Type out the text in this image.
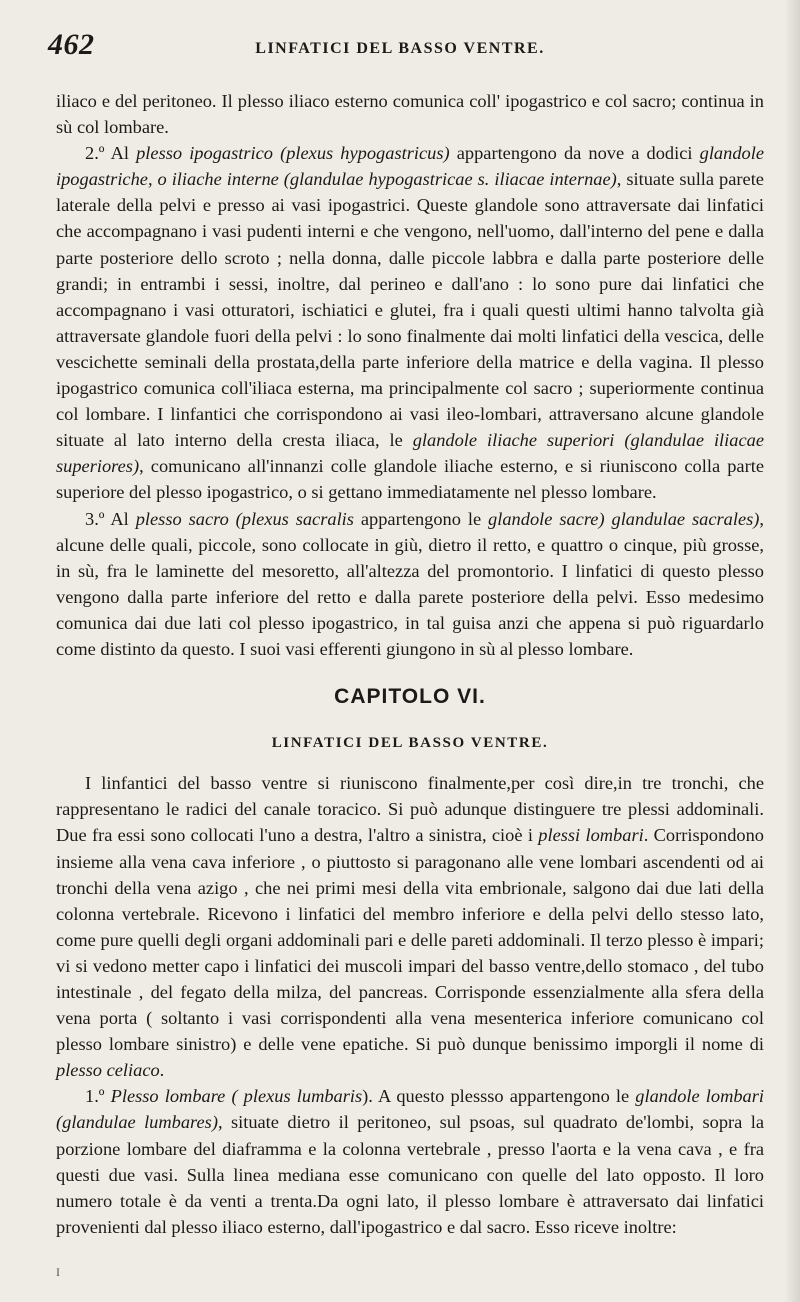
462	LINFATICI DEL BASSO VENTRE.

iliaco e del peritoneo. Il plesso iliaco esterno comunica coll' ipogastrico e col sacro; continua in sù col lombare.

2.º Al plesso ipogastrico (plexus hypogastricus) appartengono da nove a dodici glandole ipogastriche, o iliache interne (glandulae hypogastricae s. iliacae internae), situate sulla parete laterale della pelvi e presso ai vasi ipogastrici. Queste glandole sono attraversate dai linfatici che accompagnano i vasi pudenti interni e che vengono, nell'uomo, dall'interno del pene e dalla parte posteriore dello scroto ; nella donna, dalle piccole labbra e dalla parte posteriore delle grandi; in entrambi i sessi, inoltre, dal perineo e dall'ano : lo sono pure dai linfatici che accompagnano i vasi otturatori, ischiatici e glutei, fra i quali questi ultimi hanno talvolta già attraversate glandole fuori della pelvi : lo sono finalmente dai molti linfatici della vescica, delle vescichette seminali della prostata,della parte inferiore della matrice e della vagina. Il plesso ipogastrico comunica coll'iliaca esterna, ma principalmente col sacro ; superiormente continua col lombare. I linfantici che corrispondono ai vasi ileo-lombari, attraversano alcune glandole situate al lato interno della cresta iliaca, le glandole iliache superiori (glandulae iliacae superiores), comunicano all'innanzi colle glandole iliache esterno, e si riuniscono colla parte superiore del plesso ipogastrico, o si gettano immediatamente nel plesso lombare.

3.º Al plesso sacro (plexus sacralis appartengono le glandole sacre) glandulae sacrales), alcune delle quali, piccole, sono collocate in giù, dietro il retto, e quattro o cinque, più grosse, in sù, fra le laminette del mesoretto, all'altezza del promontorio. I linfatici di questo plesso vengono dalla parte inferiore del retto e dalla parete posteriore della pelvi. Esso medesimo comunica dai due lati col plesso ipogastrico, in tal guisa anzi che appena si può riguardarlo come distinto da questo. I suoi vasi efferenti giungono in sù al plesso lombare.

CAPITOLO VI.
LINFATICI DEL BASSO VENTRE.

I linfantici del basso ventre si riuniscono finalmente,per così dire,in tre tronchi, che rappresentano le radici del canale toracico. Si può adunque distinguere tre plessi addominali. Due fra essi sono collocati l'uno a destra, l'altro a sinistra, cioè i plessi lombari. Corrispondono insieme alla vena cava inferiore , o piuttosto si paragonano alle vene lombari ascendenti od ai tronchi della vena azigo , che nei primi mesi della vita embrionale, salgono dai due lati della colonna vertebrale. Ricevono i linfatici del membro inferiore e della pelvi dello stesso lato, come pure quelli degli organi addominali pari e delle pareti addominali. Il terzo plesso è impari; vi si vedono metter capo i linfatici dei muscoli impari del basso ventre,dello stomaco , del tubo intestinale , del fegato della milza, del pancreas. Corrisponde essenzialmente alla sfera della vena porta ( soltanto i vasi corrispondenti alla vena mesenterica inferiore comunicano col plesso lombare sinistro) e delle vene epatiche. Si può dunque benissimo imporgli il nome di plesso celiaco.

1.º Plesso lombare ( plexus lumbaris). A questo plessso appartengono le glandole lombari (glandulae lumbares), situate dietro il peritoneo, sul psoas, sul quadrato de'lombi, sopra la porzione lombare del diaframma e la colonna vertebrale , presso l'aorta e la vena cava , e fra questi due vasi. Sulla linea mediana esse comunicano con quelle del lato opposto. Il loro numero totale è da venti a trenta.Da ogni lato, il plesso lombare è attraversato dai linfatici provenienti dal plesso iliaco esterno, dall'ipogastrico e dal sacro. Esso riceve inoltre:

I
